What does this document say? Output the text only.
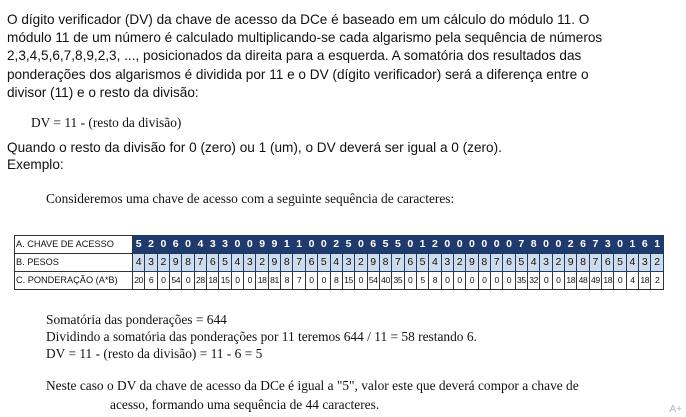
O dígito verificador (DV) da chave de acesso da DCe é baseado em um cálculo do módulo 11. O
módulo 11 de um número é calculado multiplicando-se cada algarismo pela sequência de números
2,3,4,5,6,7,8,9,2,3, ..., posicionados da direita para a esquerda. A somatória dos resultados das
ponderações dos algarismos é dividida por 11 e o DV (dígito verificador) será a diferença entre o
divisor (11) e o resto da divisão:
DV = 11 - (resto da divisão)
Quando o resto da divisão for 0 (zero) ou 1 (um), o DV deverá ser igual a 0 (zero).
Exemplo:
Consideremos uma chave de acesso com a seguinte sequência de caracteres:
A. CHAVE DE ACESSO	5	2	0	6	0	4	3	3	0	0	9	9	1	1	0	0	2	5	0	6	5	5	0	1	2	0	0	0	0	0	0	7	8	0	0	2	6	7	3	0	1	6	1
B. PESOS	4	3	2	9	8	7	6	5	4	3	2	9	8	7	6	5	4	3	2	9	8	7	6	5	4	3	2	9	8	7	6	5	4	3	2	9	8	7	6	5	4	3	2
C. PONDERAÇÃO (A*B)	20	6	0	54	0	28	18	15	0	0	18	81	8	7	0	0	8	15	0	54	40	35	0	5	8	0	0	0	0	0	0	35	32	0	0	18	48	49	18	0	4	18	2
Somatória das ponderações = 644
Dividindo a somatória das ponderações por 11 teremos 644 / 11 = 58 restando 6.
DV = 11 - (resto da divisão) = 11 - 6 = 5
Neste caso o DV da chave de acesso da DCe é igual a "5", valor este que deverá compor a chave de
acesso, formando uma sequência de 44 caracteres.	A+
